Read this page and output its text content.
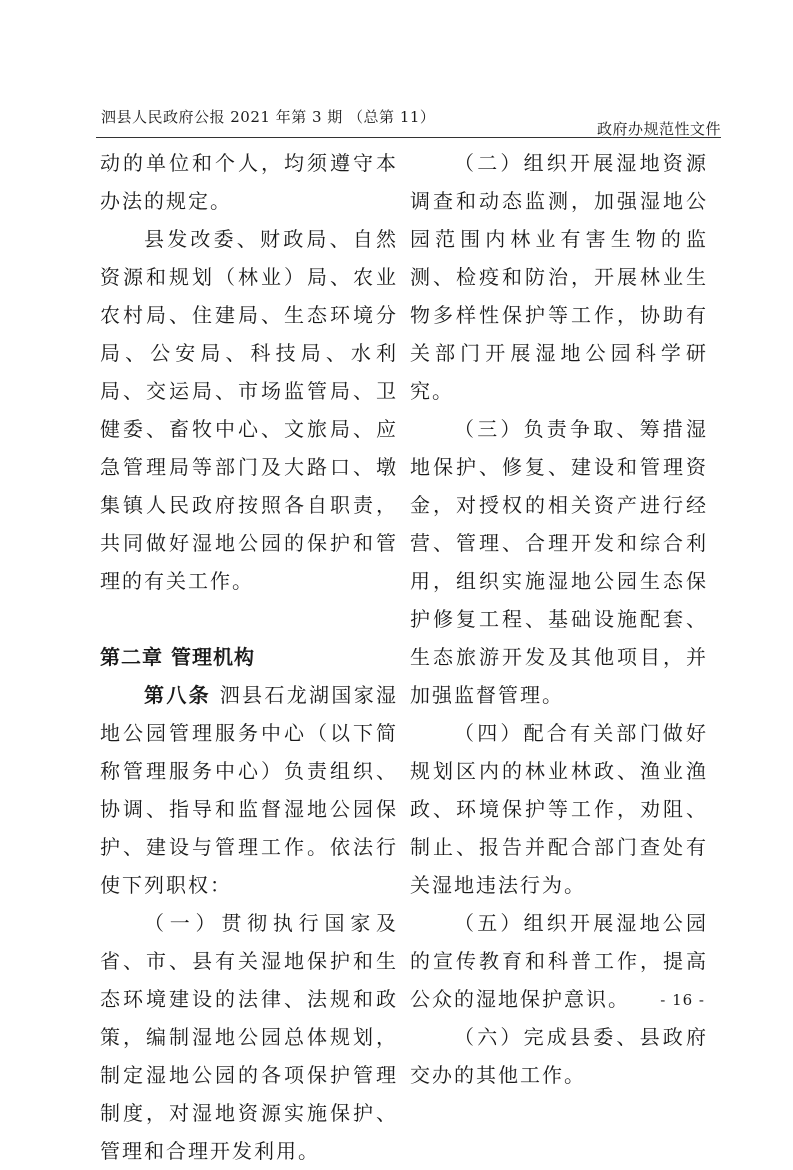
泗县人民政府公报 2021 年第 3 期 （总第 11）
政府办规范性文件

动的单位和个人，均须遵守本办法的规定。

县发改委、财政局、自然资源和规划（林业）局、农业农村局、住建局、生态环境分局、公安局、科技局、水利局、交运局、市场监管局、卫健委、畜牧中心、文旅局、应急管理局等部门及大路口、墩集镇人民政府按照各自职责，共同做好湿地公园的保护和管理的有关工作。

第二章 管理机构

第八条 泗县石龙湖国家湿地公园管理服务中心（以下简称管理服务中心）负责组织、协调、指导和监督湿地公园保护、建设与管理工作。依法行使下列职权：

（一）贯彻执行国家及省、市、县有关湿地保护和生态环境建设的法律、法规和政策，编制湿地公园总体规划，制定湿地公园的各项保护管理制度，对湿地资源实施保护、管理和合理开发利用。

（二）组织开展湿地资源调查和动态监测，加强湿地公园范围内林业有害生物的监测、检疫和防治，开展林业生物多样性保护等工作，协助有关部门开展湿地公园科学研究。

（三）负责争取、筹措湿地保护、修复、建设和管理资金，对授权的相关资产进行经营、管理、合理开发和综合利用，组织实施湿地公园生态保护修复工程、基础设施配套、生态旅游开发及其他项目，并加强监督管理。

（四）配合有关部门做好规划区内的林业林政、渔业渔政、环境保护等工作，劝阻、制止、报告并配合部门查处有关湿地违法行为。

（五）组织开展湿地公园的宣传教育和科普工作，提高公众的湿地保护意识。

（六）完成县委、县政府交办的其他工作。

- 16 -
